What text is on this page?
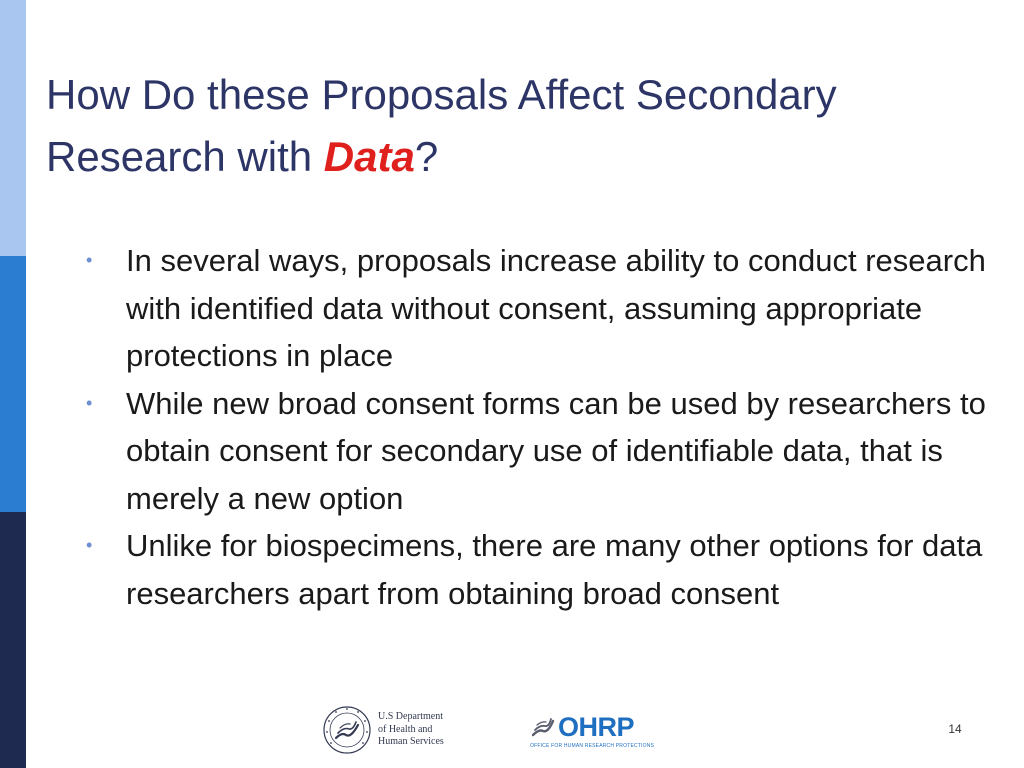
How Do these Proposals Affect Secondary Research with Data?
• In several ways, proposals increase ability to conduct research with identified data without consent, assuming appropriate protections in place
• While new broad consent forms can be used by researchers to obtain consent for secondary use of identifiable data, that is merely a new option
• Unlike for biospecimens, there are many other options for data researchers apart from obtaining broad consent
U.S Department
of Health and
Human Services	OHRP
OFFICE FOR HUMAN RESEARCH PROTECTIONS
14
